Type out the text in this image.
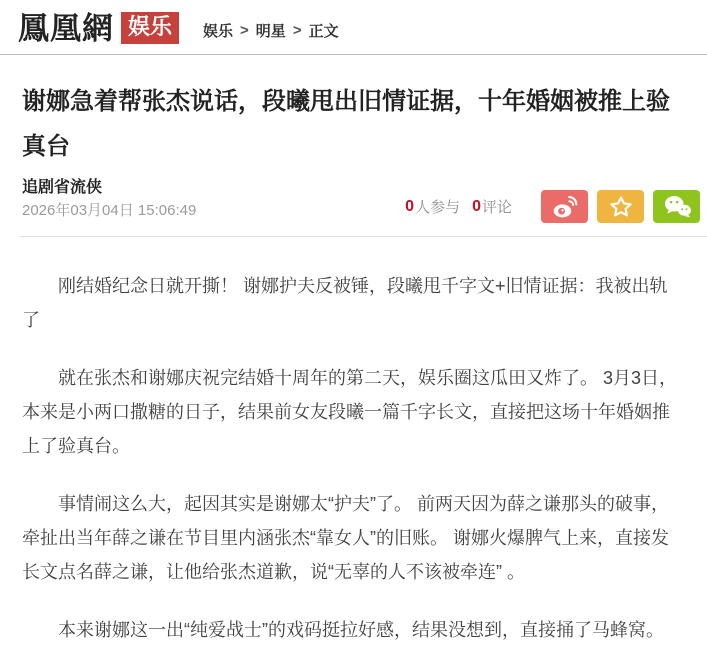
鳳凰網 娱乐	娱乐 > 明星 > 正文
谢娜急着帮张杰说话，段曦甩出旧情证据，十年婚姻被推上验真台
追剧省流侠
2026年03月04日 15:06:49	0 人参与 0 评论

刚结婚纪念日就开撕！ 谢娜护夫反被锤，段曦甩千字文+旧情证据：我被出轨了

就在张杰和谢娜庆祝完结婚十周年的第二天，娱乐圈这瓜田又炸了。 3月3日，本来是小两口撒糖的日子，结果前女友段曦一篇千字长文，直接把这场十年婚姻推上了验真台。

事情闹这么大，起因其实是谢娜太“护夫”了。 前两天因为薛之谦那头的破事，牵扯出当年薛之谦在节目里内涵张杰“靠女人”的旧账。 谢娜火爆脾气上来，直接发长文点名薛之谦，让他给张杰道歉，说“无辜的人不该被牵连” 。

本来谢娜这一出“纯爱战士”的戏码挺拉好感，结果没想到，直接捅了马蜂窝。
